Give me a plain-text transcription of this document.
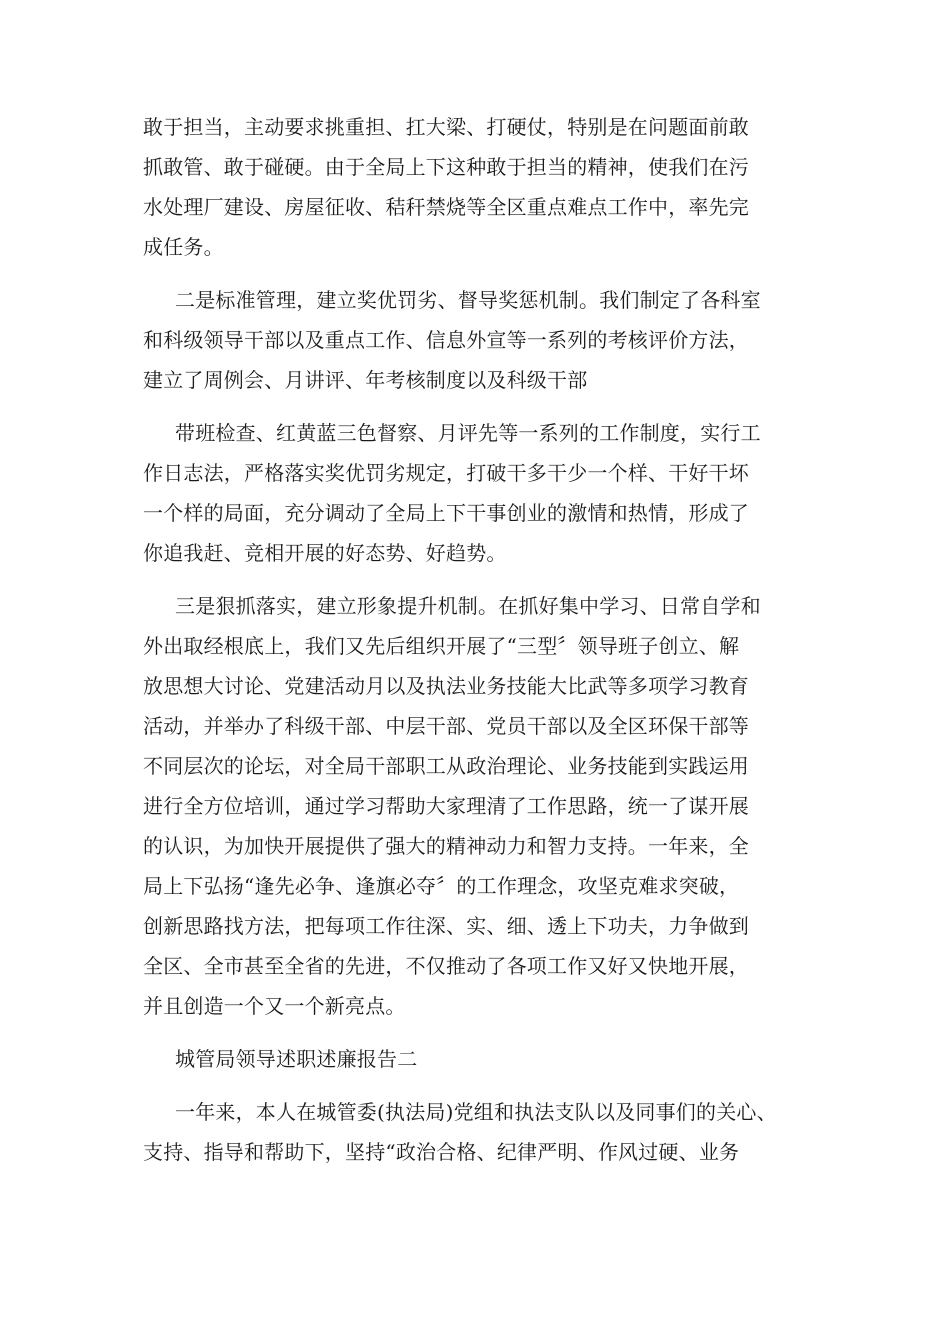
敢于担当，主动要求挑重担、扛大梁、打硬仗，特别是在问题面前敢
抓敢管、敢于碰硬。由于全局上下这种敢于担当的精神，使我们在污
水处理厂建设、房屋征收、秸秆禁烧等全区重点难点工作中，率先完
成任务。
二是标准管理，建立奖优罚劣、督导奖惩机制。我们制定了各科室
和科级领导干部以及重点工作、信息外宣等一系列的考核评价方法，
建立了周例会、月讲评、年考核制度以及科级干部
带班检查、红黄蓝三色督察、月评先等一系列的工作制度，实行工
作日志法，严格落实奖优罚劣规定，打破干多干少一个样、干好干坏
一个样的局面，充分调动了全局上下干事创业的激情和热情，形成了
你追我赶、竞相开展的好态势、好趋势。
三是狠抓落实，建立形象提升机制。在抓好集中学习、日常自学和
外出取经根底上，我们又先后组织开展了“三型〞领导班子创立、解
放思想大讨论、党建活动月以及执法业务技能大比武等多项学习教育
活动，并举办了科级干部、中层干部、党员干部以及全区环保干部等
不同层次的论坛，对全局干部职工从政治理论、业务技能到实践运用
进行全方位培训，通过学习帮助大家理清了工作思路，统一了谋开展
的认识，为加快开展提供了强大的精神动力和智力支持。一年来，全
局上下弘扬“逢先必争、逢旗必夺〞的工作理念，攻坚克难求突破，
创新思路找方法，把每项工作往深、实、细、透上下功夫，力争做到
全区、全市甚至全省的先进，不仅推动了各项工作又好又快地开展，
并且创造一个又一个新亮点。
城管局领导述职述廉报告二
一年来，本人在城管委(执法局)党组和执法支队以及同事们的关心、
支持、指导和帮助下，坚持“政治合格、纪律严明、作风过硬、业务
